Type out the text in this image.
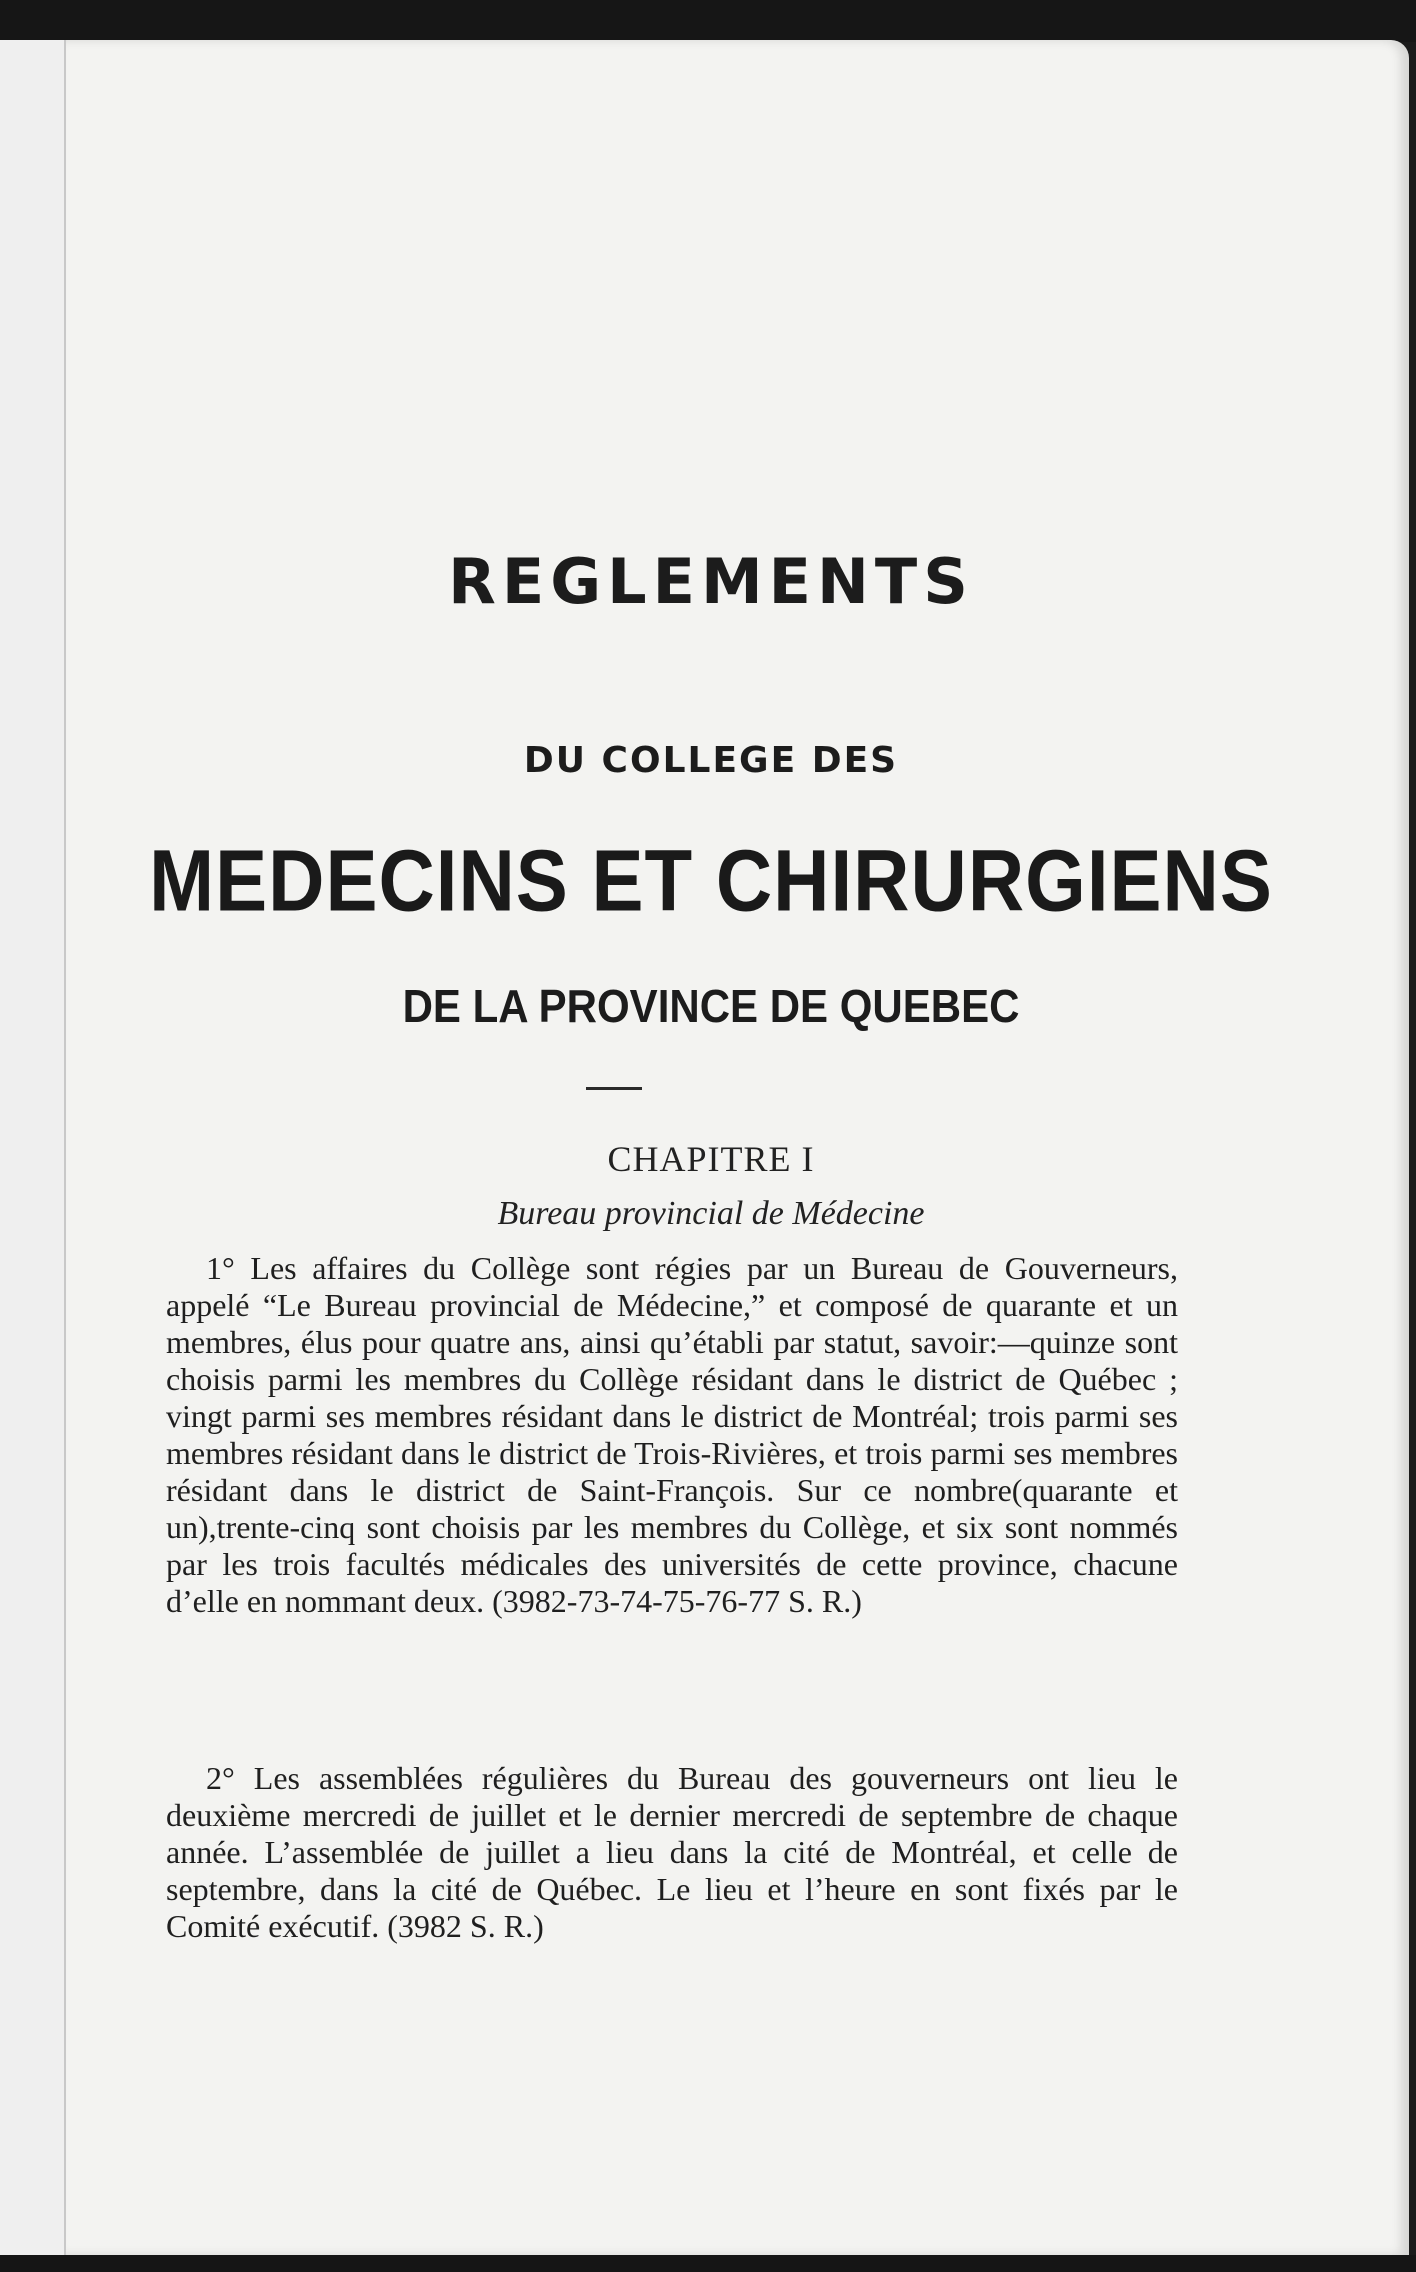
REGLEMENTS
DU COLLEGE DES
MEDECINS ET CHIRURGIENS
DE LA PROVINCE DE QUEBEC
CHAPITRE I
Bureau provincial de Médecine

1° Les affaires du Collège sont régies par un Bureau de Gouverneurs, appelé “Le Bureau provincial de Médecine,” et composé de quarante et un membres, élus pour quatre ans, ainsi qu’établi par statut, savoir:—quinze sont choisis parmi les membres du Collège résidant dans le district de Québec ; vingt parmi ses membres résidant dans le district de Montréal; trois parmi ses membres résidant dans le district de Trois-Rivières, et trois parmi ses membres résidant dans le district de Saint-François. Sur ce nombre(quarante et un),trente-cinq sont choisis par les membres du Collège, et six sont nommés par les trois facultés médicales des universités de cette province, chacune d’elle en nommant deux. (3982-73-74-75-76-77 S. R.)

2° Les assemblées régulières du Bureau des gouverneurs ont lieu le deuxième mercredi de juillet et le dernier mercredi de septembre de chaque année. L’assemblée de juillet a lieu dans la cité de Montréal, et celle de septembre, dans la cité de Québec. Le lieu et l’heure en sont fixés par le Comité exécutif. (3982 S. R.)
